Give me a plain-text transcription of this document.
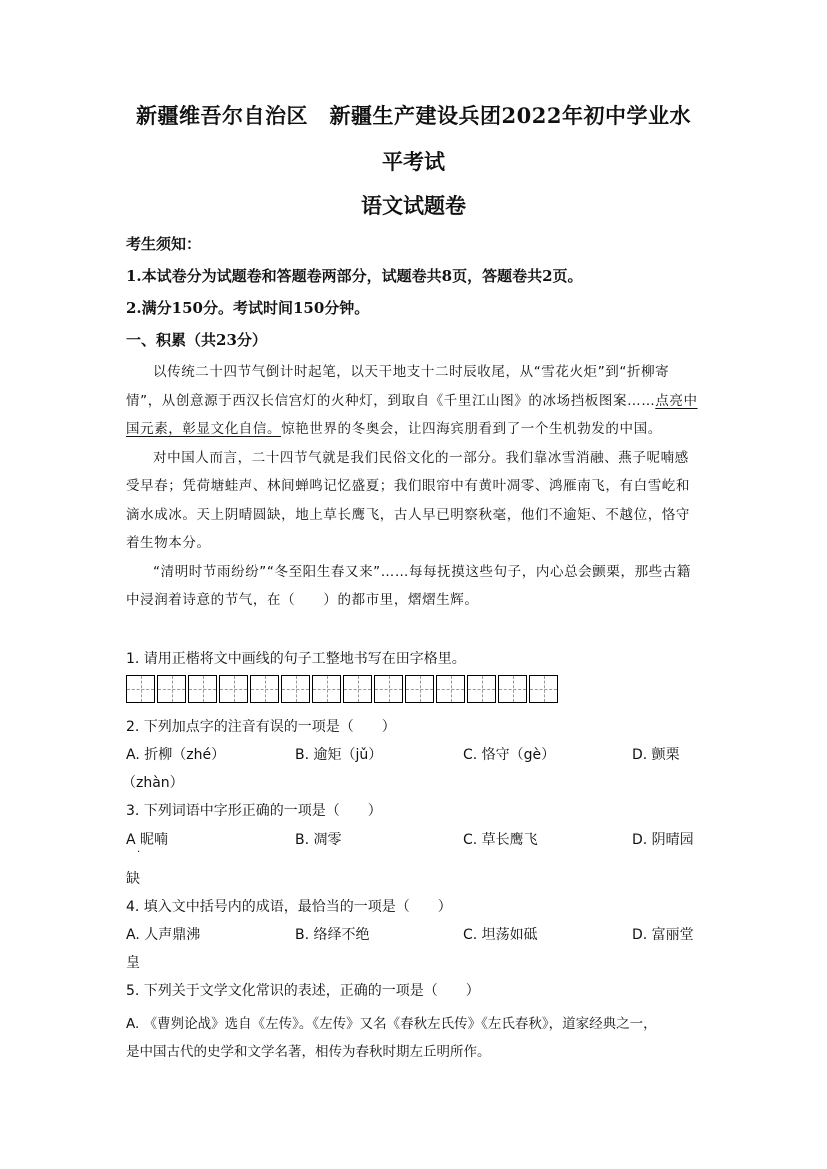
新疆维吾尔自治区　新疆生产建设兵团2022年初中学业水
平考试
语文试题卷
考生须知：
1.本试卷分为试题卷和答题卷两部分，试题卷共8页，答题卷共2页。
2.满分150分。考试时间150分钟。
一、积累（共23分）

以传统二十四节气倒计时起笔，以天干地支十二时辰收尾，从“雪花火炬”到“折柳寄情”，从创意源于西汉长信宫灯的火种灯，到取自《千里江山图》的冰场挡板图案……点亮中国元素，彰显文化自信。惊艳世界的冬奥会，让四海宾朋看到了一个生机勃发的中国。

对中国人而言，二十四节气就是我们民俗文化的一部分。我们靠冰雪消融、燕子呢喃感受早春；凭荷塘蛙声、林间蝉鸣记忆盛夏；我们眼帘中有黄叶凋零、鸿雁南飞，有白雪屹和滴水成冰。天上阴晴圆缺，地上草长鹰飞，古人早已明察秋毫，他们不逾矩、不越位，恪守着生物本分。

“清明时节雨纷纷”“冬至阳生春又来”……每每抚摸这些句子，内心总会颤栗，那些古籍中浸润着诗意的节气，在（　　）的都市里，熠熠生辉。

1. 请用正楷将文中画线的句子工整地书写在田字格里。
2. 下列加点字的注音有误的一项是（　　）
A. 折柳（zhé）	B. 逾矩（jǔ）	C. 恪守（gè）	D. 颤栗
（zhàn）
3. 下列词语中字形正确的一项是（　　）
A 昵喃
·
B. 凋零	C. 草长鹰飞	D. 阴晴园
缺
4. 填入文中括号内的成语，最恰当的一项是（　　）
A. 人声鼎沸	B. 络绎不绝	C. 坦荡如砥	D. 富丽堂
皇
5. 下列关于文学文化常识的表述，正确的一项是（　　）
A. 《曹刿论战》选自《左传》。《左传》又名《春秋左氏传》《左氏春秋》，道家经典之一，
是中国古代的史学和文学名著，相传为春秋时期左丘明所作。
